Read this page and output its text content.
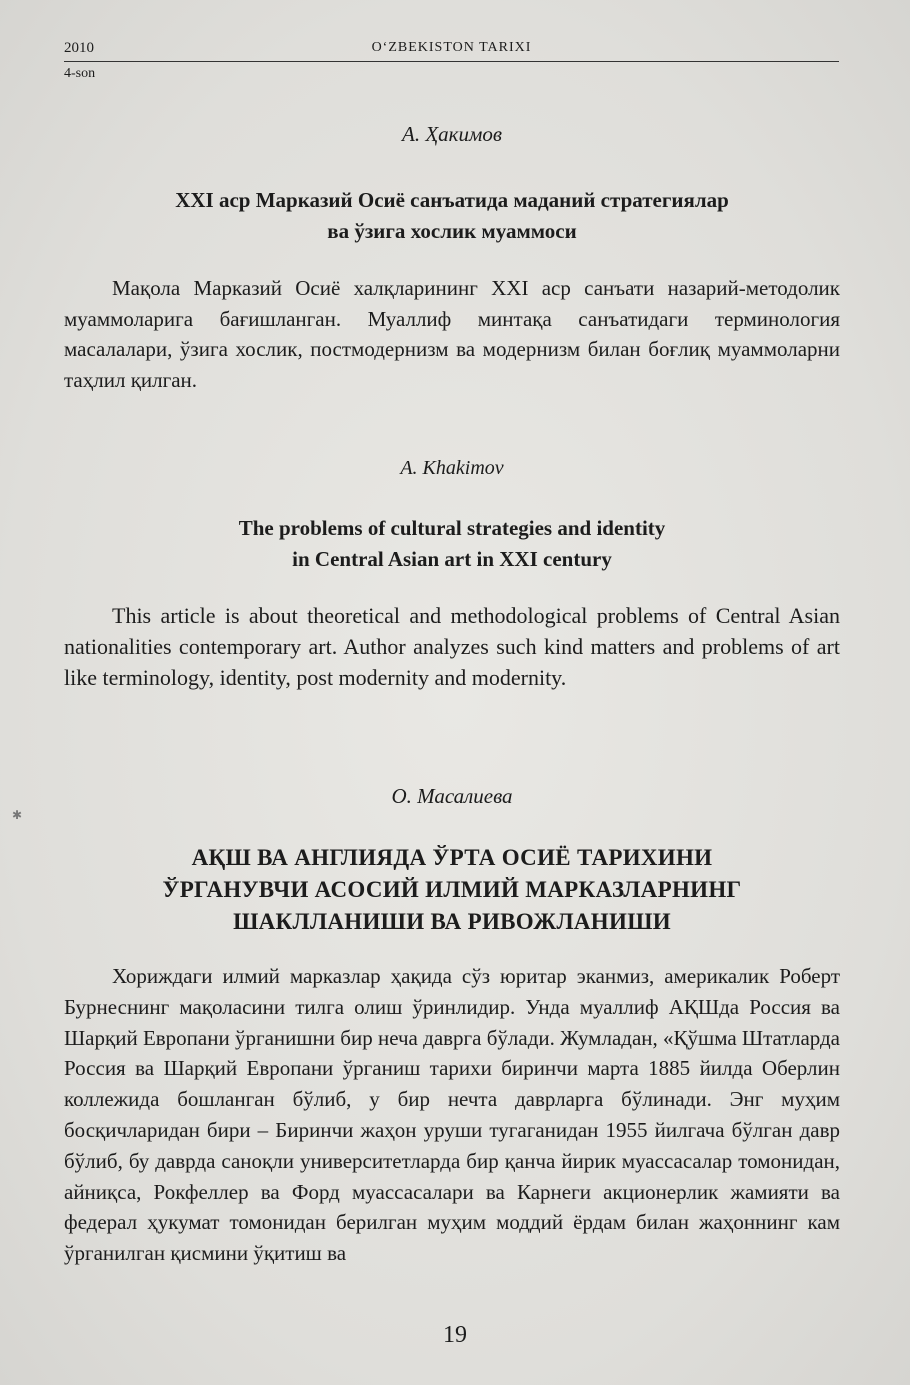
2010	O‘ZBEKISTON TARIXI
4-son
А. Ҳакимов
XXI аср Марказий Осиё санъатида маданий стратегиялар
ва ўзига хослик муаммоси
Мақола Марказий Осиё халқларининг XXI аср санъати назарий-методолик муаммоларига бағишланган. Муаллиф минтақа санъатидаги терминология масалалари, ўзига хослик, постмодернизм ва модернизм билан боғлиқ муаммоларни таҳлил қилган.
A. Khakimov
The problems of cultural strategies and identity
in Central Asian art in XXI century
This article is about theoretical and methodological problems of Central Asian nationalities contemporary art. Author analyzes such kind matters and problems of art like terminology, identity, post modernity and modernity.
О. Масалиева
АҚШ ВА АНГЛИЯДА ЎРТА ОСИЁ ТАРИХИНИ
ЎРГАНУВЧИ АСОСИЙ ИЛМИЙ МАРКАЗЛАРНИНГ
ШАКЛЛАНИШИ ВА РИВОЖЛАНИШИ
Хориждаги илмий марказлар ҳақида сўз юритар эканмиз, америкалик Роберт Бурнеснинг мақоласини тилга олиш ўринлидир. Унда муаллиф АҚШда Россия ва Шарқий Европани ўрганишни бир неча даврга бўлади. Жумладан, «Қўшма Штатларда Россия ва Шарқий Европани ўрганиш тарихи биринчи марта 1885 йилда Оберлин коллежида бошланган бўлиб, у бир нечта даврларга бўлинади. Энг муҳим босқичларидан бири – Биринчи жаҳон уруши тугаганидан 1955 йилгача бўлган давр бўлиб, бу даврда саноқли университетларда бир қанча йирик муассасалар томонидан, айниқса, Рокфеллер ва Форд муассасалари ва Карнеги акционерлик жамияти ва федерал ҳукумат томонидан берилган муҳим моддий ёрдам билан жаҳоннинг кам ўрганилган қисмини ўқитиш ва
19
✱
